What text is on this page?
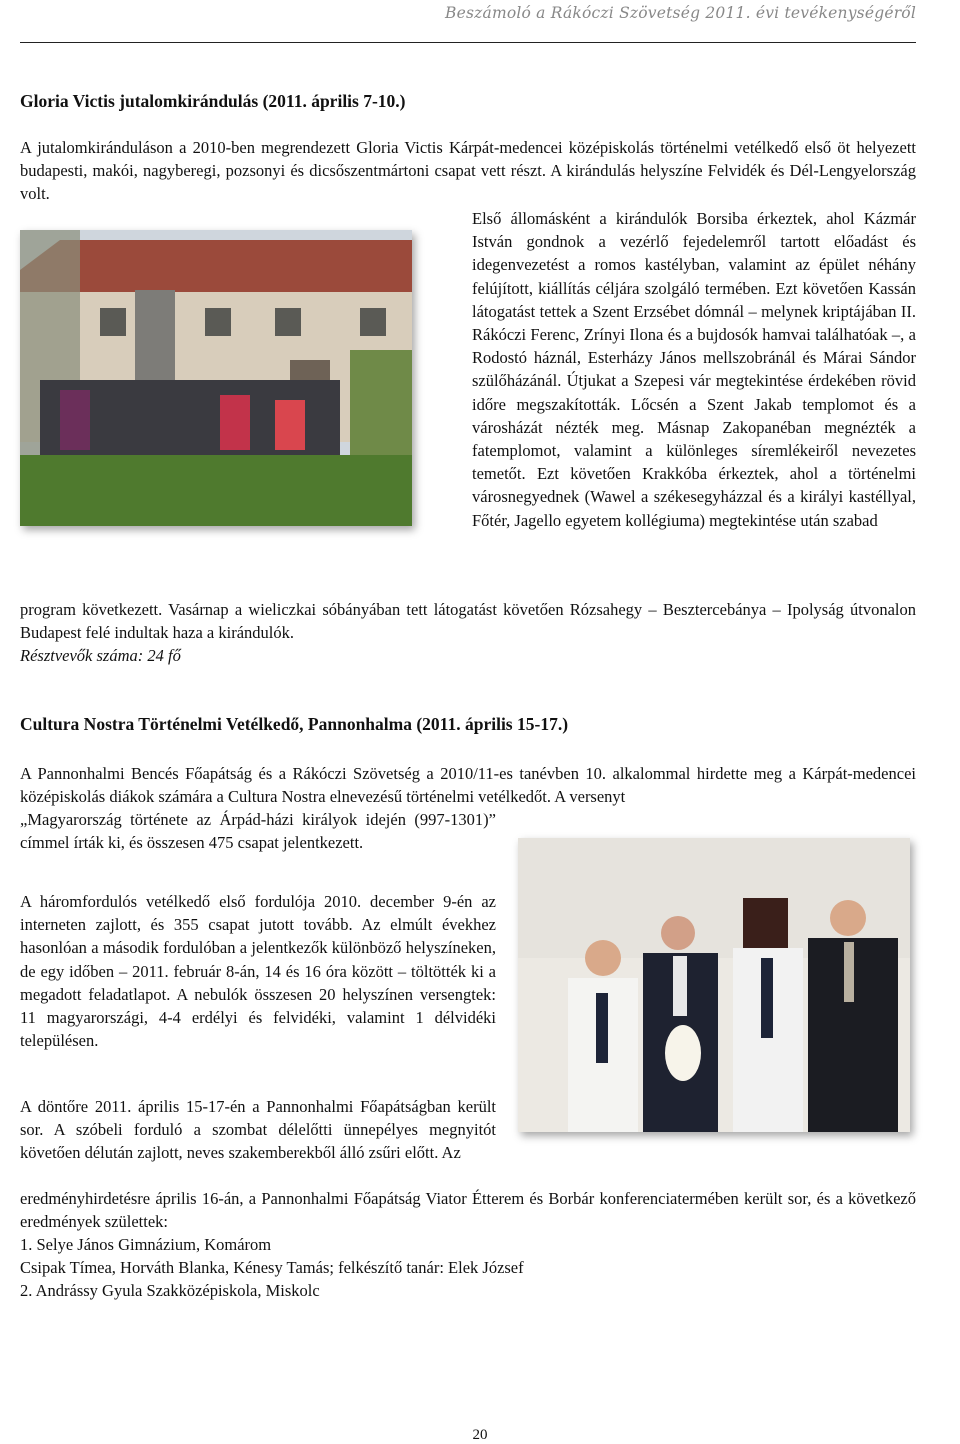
Beszámoló a Rákóczi Szövetség 2011. évi tevékenységéről
Gloria Victis jutalomkirándulás (2011. április 7-10.)

A jutalomkiránduláson a 2010-ben megrendezett Gloria Victis Kárpát-medencei középiskolás történelmi vetélkedő első öt helyezett budapesti, makói, nagyberegi, pozsonyi és dicsőszentmártoni csapat vett részt. A kirándulás helyszíne Felvidék és Dél-Lengyelország volt.

Első állomásként a kirándulók Borsiba érkeztek, ahol Kázmár István gondnok a vezérlő fejedelemről tartott előadást és idegenvezetést a romos kastélyban, valamint az épület néhány felújított, kiállítás céljára szolgáló termében. Ezt követően Kassán látogatást tettek a Szent Erzsébet dómnál – melynek kriptájában II. Rákóczi Ferenc, Zrínyi Ilona és a bujdosók hamvai találhatóak –, a Rodostó háznál, Esterházy János mellszobránál és Márai Sándor szülőházánál. Útjukat a Szepesi vár megtekintése érdekében rövid időre megszakították. Lőcsén a Szent Jakab templomot és a városházát nézték meg. Másnap Zakopanéban megnézték a fatemplomot, valamint a különleges síremlékeiről nevezetes temetőt. Ezt követően Krakkóba érkeztek, ahol a történelmi városnegyednek (Wawel a székesegyházzal és a királyi kastéllyal, Főtér, Jagello egyetem kollégiuma) megtekintése után szabad

program következett. Vasárnap a wieliczkai sóbányában tett látogatást követően Rózsahegy – Besztercebánya – Ipolyság útvonalon Budapest felé indultak haza a kirándulók.

Résztvevők száma: 24 fő

Cultura Nostra Történelmi Vetélkedő, Pannonhalma (2011. április 15-17.)

A Pannonhalmi Bencés Főapátság és a Rákóczi Szövetség a 2010/11-es tanévben 10. alkalommal hirdette meg a Kárpát-medencei középiskolás diákok számára a Cultura Nostra elnevezésű történelmi vetélkedőt. A versenyt

„Magyarország története az Árpád-házi királyok idején (997-1301)” címmel írták ki, és összesen 475 csapat jelentkezett.

A háromfordulós vetélkedő első fordulója 2010. december 9-én az interneten zajlott, és 355 csapat jutott tovább. Az elmúlt évekhez hasonlóan a második fordulóban a jelentkezők különböző helyszíneken, de egy időben – 2011. február 8-án, 14 és 16 óra között – töltötték ki a megadott feladatlapot. A nebulók összesen 20 helyszínen versengtek: 11 magyarországi, 4-4 erdélyi és felvidéki, valamint 1 délvidéki településen.

A döntőre 2011. április 15-17-én a Pannonhalmi Főapátságban került sor. A szóbeli forduló a szombat délelőtti ünnepélyes megnyitót követően délután zajlott, neves szakemberekből álló zsűri előtt. Az

eredményhirdetésre április 16-án, a Pannonhalmi Főapátság Viator Étterem és Borbár konferenciatermében került sor, és a következő eredmények születtek:

1. Selye János Gimnázium, Komárom

Csipak Tímea, Horváth Blanka, Kénesy Tamás; felkészítő tanár: Elek József

2. Andrássy Gyula Szakközépiskola, Miskolc

20
